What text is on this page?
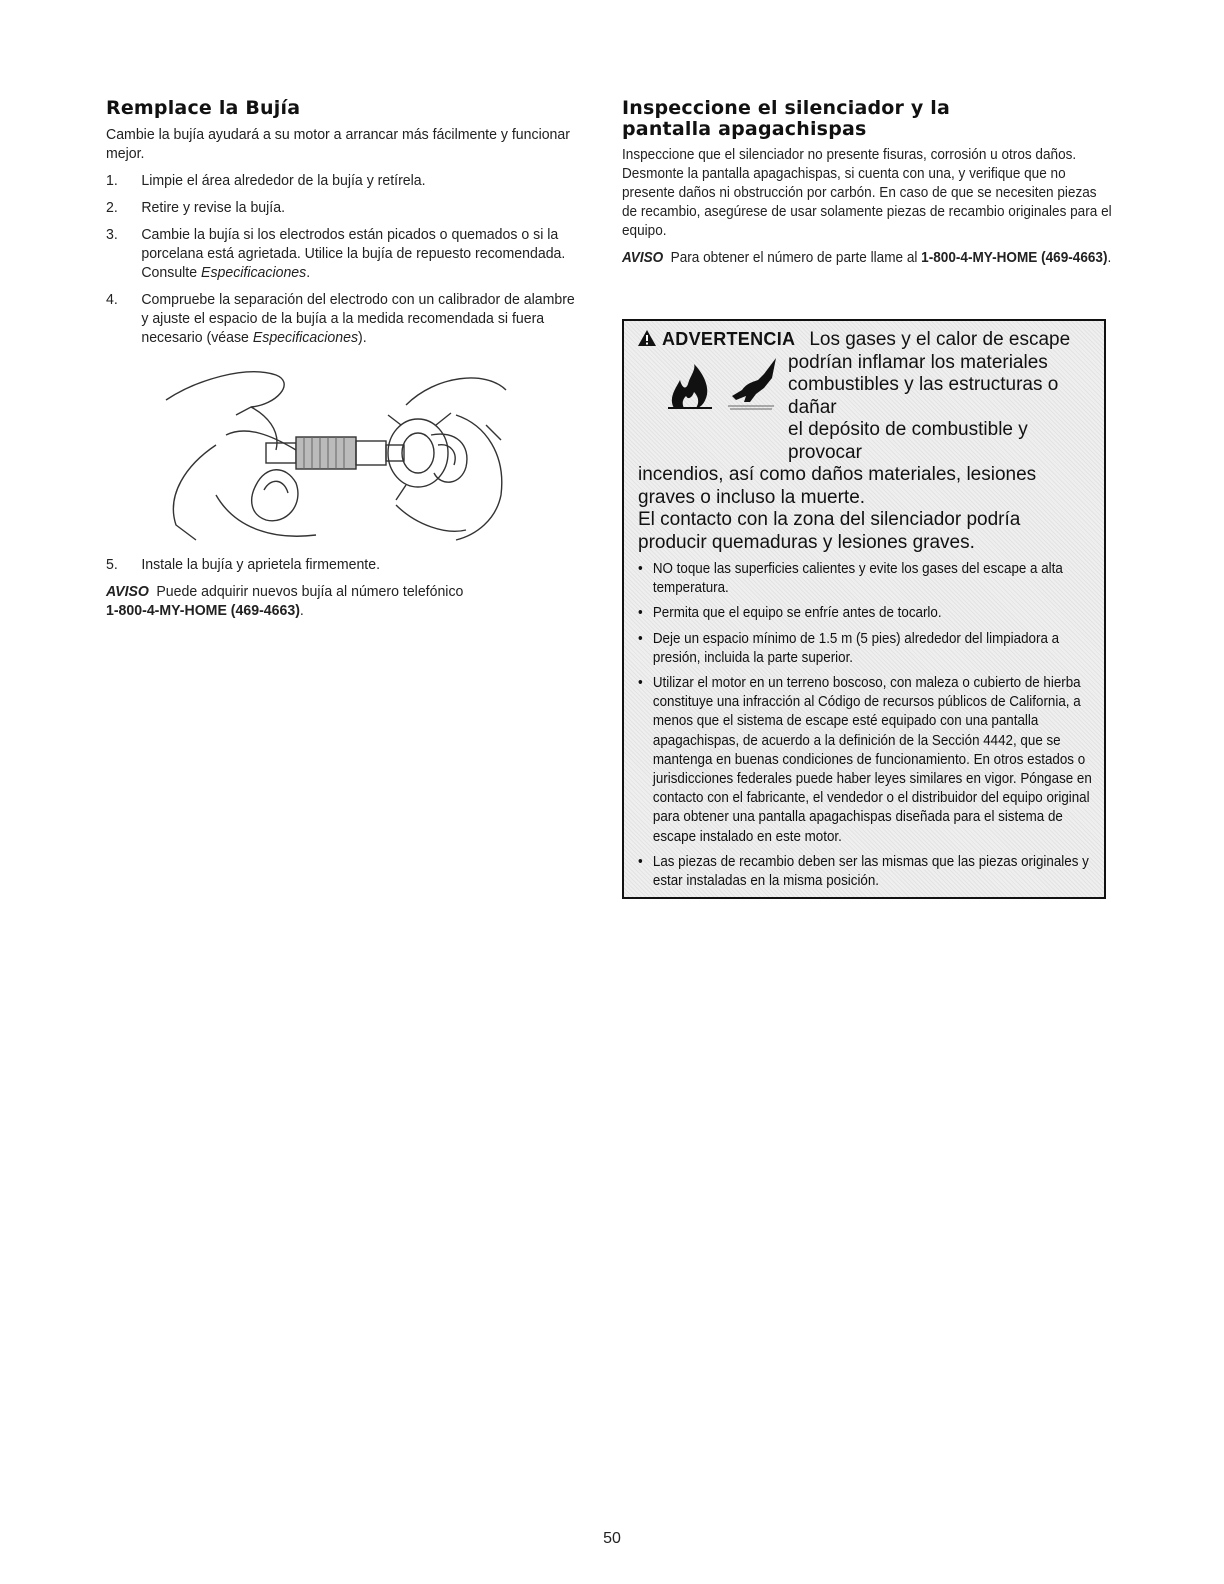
Remplace la Bujía

Cambie la bujía ayudará a su motor a arrancar más fácilmente y funcionar mejor.

1.	Limpie el área alrededor de la bujía y retírela.
2.	Retire y revise la bujía.
3.	Cambie la bujía si los electrodos están picados o quemados o si la porcelana está agrietada. Utilice la bujía de repuesto recomendada. Consulte Especificaciones.
4.	Compruebe la separación del electrodo con un calibrador de alambre y ajuste el espacio de la bujía a la medida recomendada si fuera necesario (véase Especificaciones).
5.	Instale la bujía y aprietela firmemente.

AVISO Puede adquirir nuevos bujía al número telefónico
1-800-4-MY-HOME (469-4663).

Inspeccione el silenciador y la pantalla apagachispas

Inspeccione que el silenciador no presente fisuras, corrosión u otros daños. Desmonte la pantalla apagachispas, si cuenta con una, y verifique que no presente daños ni obstrucción por carbón. En caso de que se necesiten piezas de recambio, asegúrese de usar solamente piezas de recambio originales para el equipo.

AVISO Para obtener el número de parte llame al 1-800-4-MY-HOME (469-4663).

ADVERTENCIA Los gases y el calor de escape
podrían inflamar los materiales
combustibles y las estructuras o dañar
el depósito de combustible y provocar
incendios, así como daños materiales, lesiones graves o incluso la muerte.
El contacto con la zona del silenciador podría producir quemaduras y lesiones graves.
• NO toque las superficies calientes y evite los gases del escape a alta temperatura.
• Permita que el equipo se enfríe antes de tocarlo.
• Deje un espacio mínimo de 1.5 m (5 pies) alrededor del limpiadora a presión, incluida la parte superior.
• Utilizar el motor en un terreno boscoso, con maleza o cubierto de hierba constituye una infracción al Código de recursos públicos de California, a menos que el sistema de escape esté equipado con una pantalla apagachispas, de acuerdo a la definición de la Sección 4442, que se mantenga en buenas condiciones de funcionamiento. En otros estados o jurisdicciones federales puede haber leyes similares en vigor. Póngase en contacto con el fabricante, el vendedor o el distribuidor del equipo original para obtener una pantalla apagachispas diseñada para el sistema de escape instalado en este motor.
• Las piezas de recambio deben ser las mismas que las piezas originales y estar instaladas en la misma posición.
50
